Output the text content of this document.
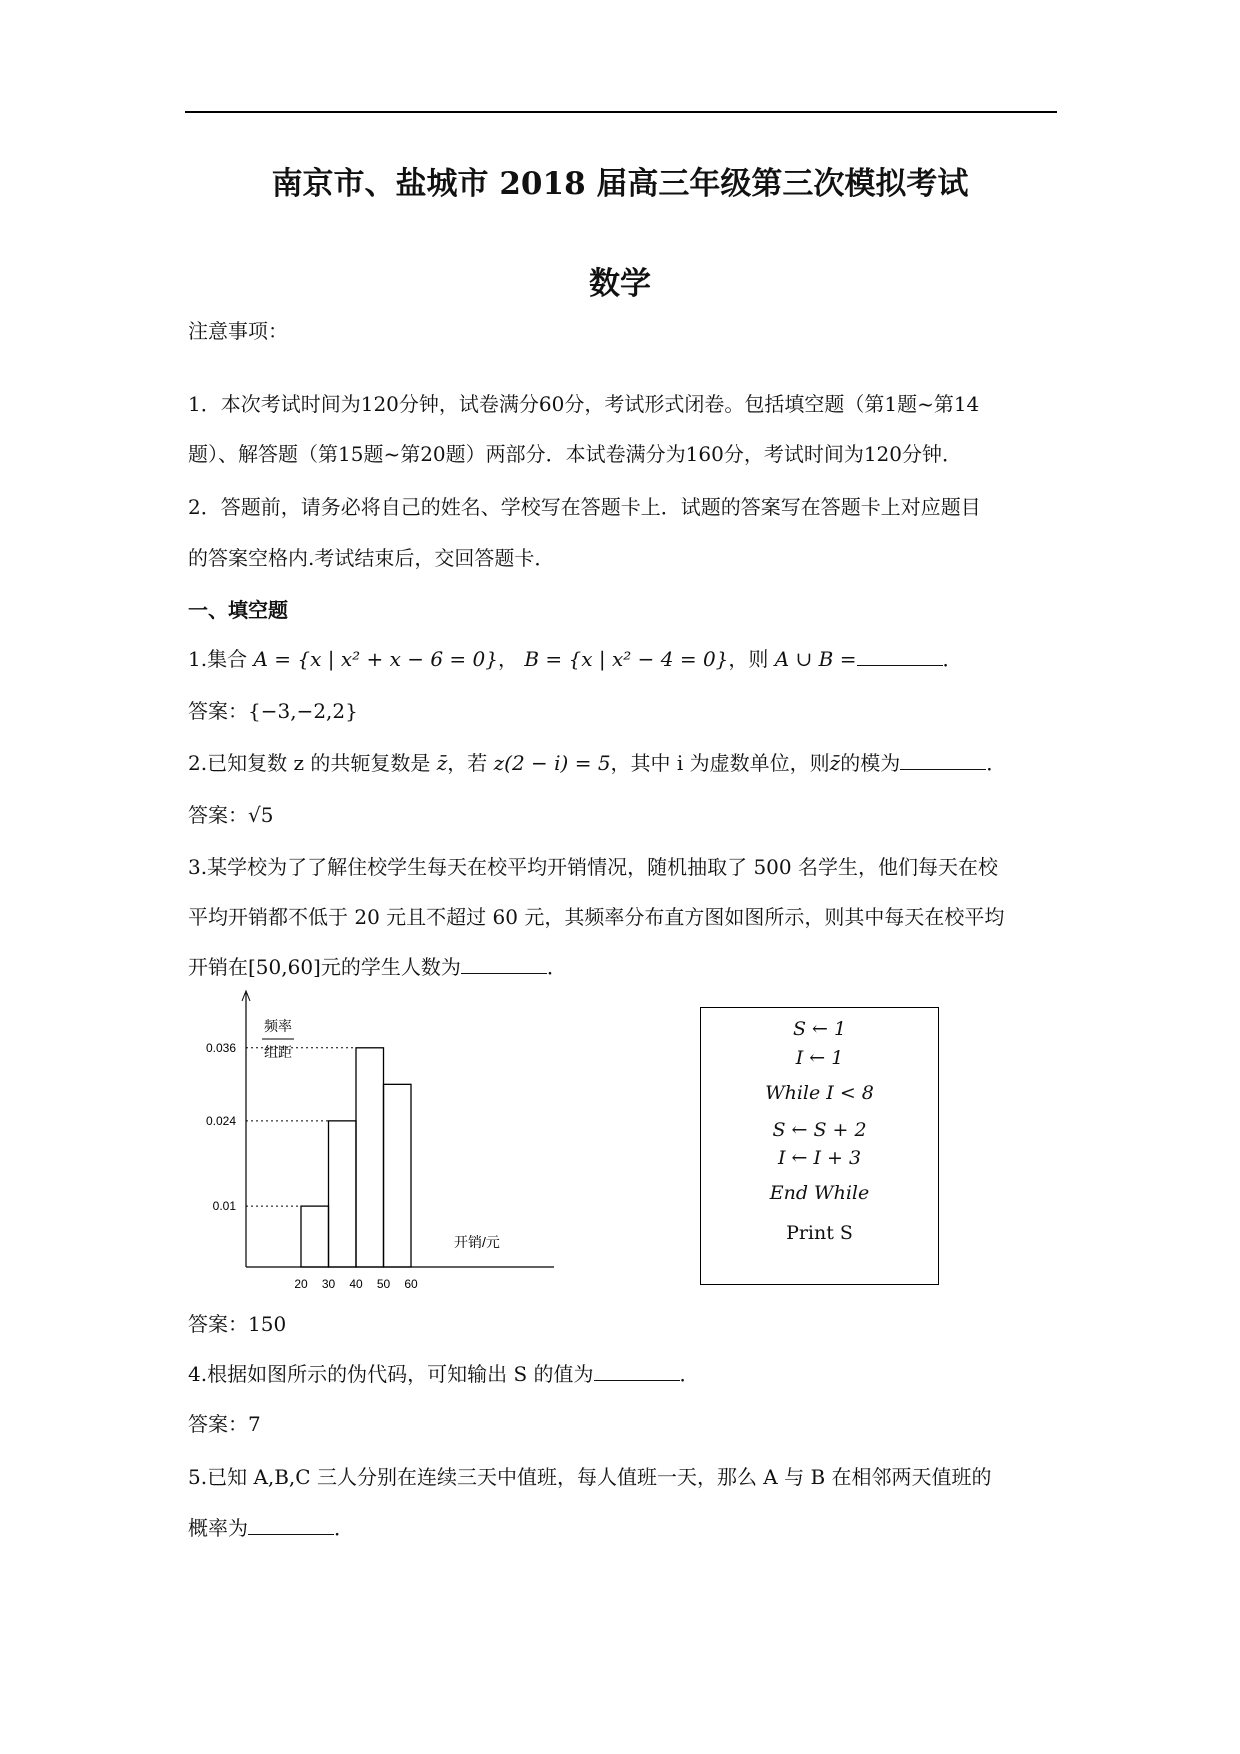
南京市、盐城市 2018 届高三年级第三次模拟考试
数学
注意事项：
1．本次考试时间为120分钟，试卷满分60分，考试形式闭卷。包括填空题（第1题~第14
题）、解答题（第15题~第20题）两部分．本试卷满分为160分，考试时间为120分钟．
2．答题前，请务必将自己的姓名、学校写在答题卡上．试题的答案写在答题卡上对应题目
的答案空格内.考试结束后，交回答题卡．
一、填空题
1.集合 A = {x | x² + x − 6 = 0}， B = {x | x² − 4 = 0}，则 A ∪ B =	．
答案：{−3,−2,2}
2.已知复数 z 的共轭复数是 z̄，若 z(2 − i) = 5，其中 i 为虚数单位，则z̄的模为	．
答案：√5
3.某学校为了了解住校学生每天在校平均开销情况，随机抽取了 500 名学生，他们每天在校
平均开销都不低于 20 元且不超过 60 元，其频率分布直方图如图所示，则其中每天在校平均
开销在[50,60]元的学生人数为	．
频率
组距
开销/元
0.01
0.024
0.036
20 30 40 50 60
S ← 1
I ← 1
While I < 8
S ← S + 2
I ← I + 3
End While
Print S
答案：150
4.根据如图所示的伪代码，可知输出 S 的值为	．
答案：7
5.已知 A,B,C 三人分别在连续三天中值班，每人值班一天，那么 A 与 B 在相邻两天值班的
概率为	．
